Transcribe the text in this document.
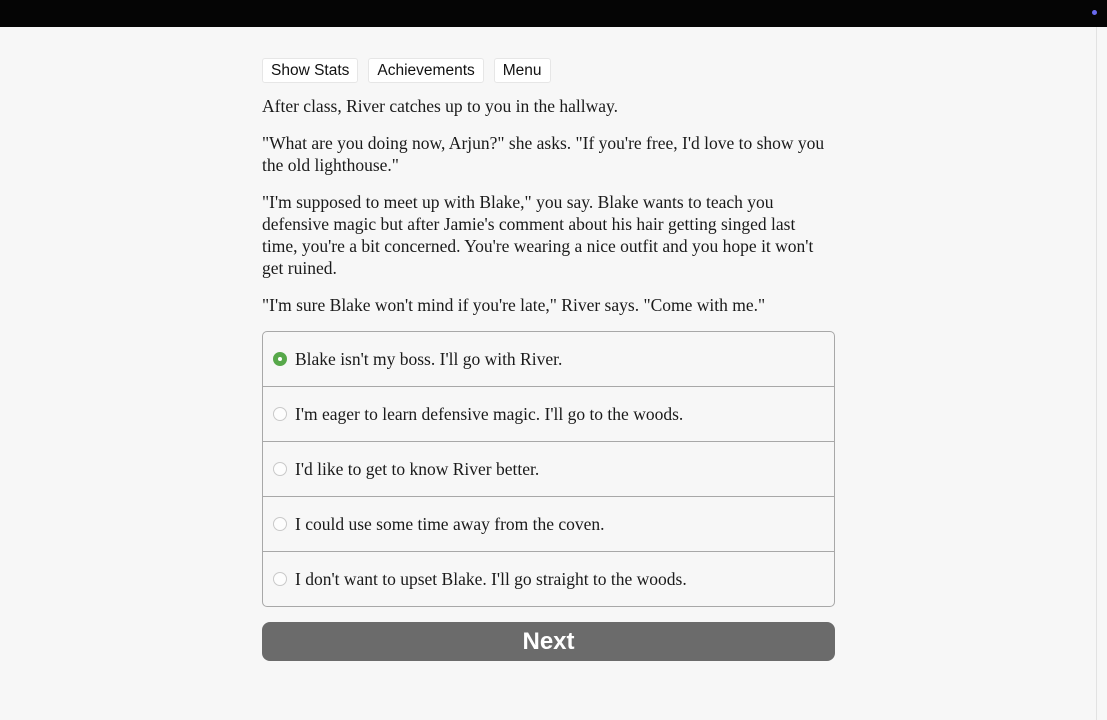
Show Stats	Achievements	Menu

After class, River catches up to you in the hallway.

"What are you doing now, Arjun?" she asks. "If you're free, I'd love to show you the old lighthouse."

"I'm supposed to meet up with Blake," you say. Blake wants to teach you defensive magic but after Jamie's comment about his hair getting singed last time, you're a bit concerned. You're wearing a nice outfit and you hope it won't get ruined.

"I'm sure Blake won't mind if you're late," River says. "Come with me."

Blake isn't my boss. I'll go with River.
I'm eager to learn defensive magic. I'll go to the woods.
I'd like to get to know River better.
I could use some time away from the coven.
I don't want to upset Blake. I'll go straight to the woods.
Next
